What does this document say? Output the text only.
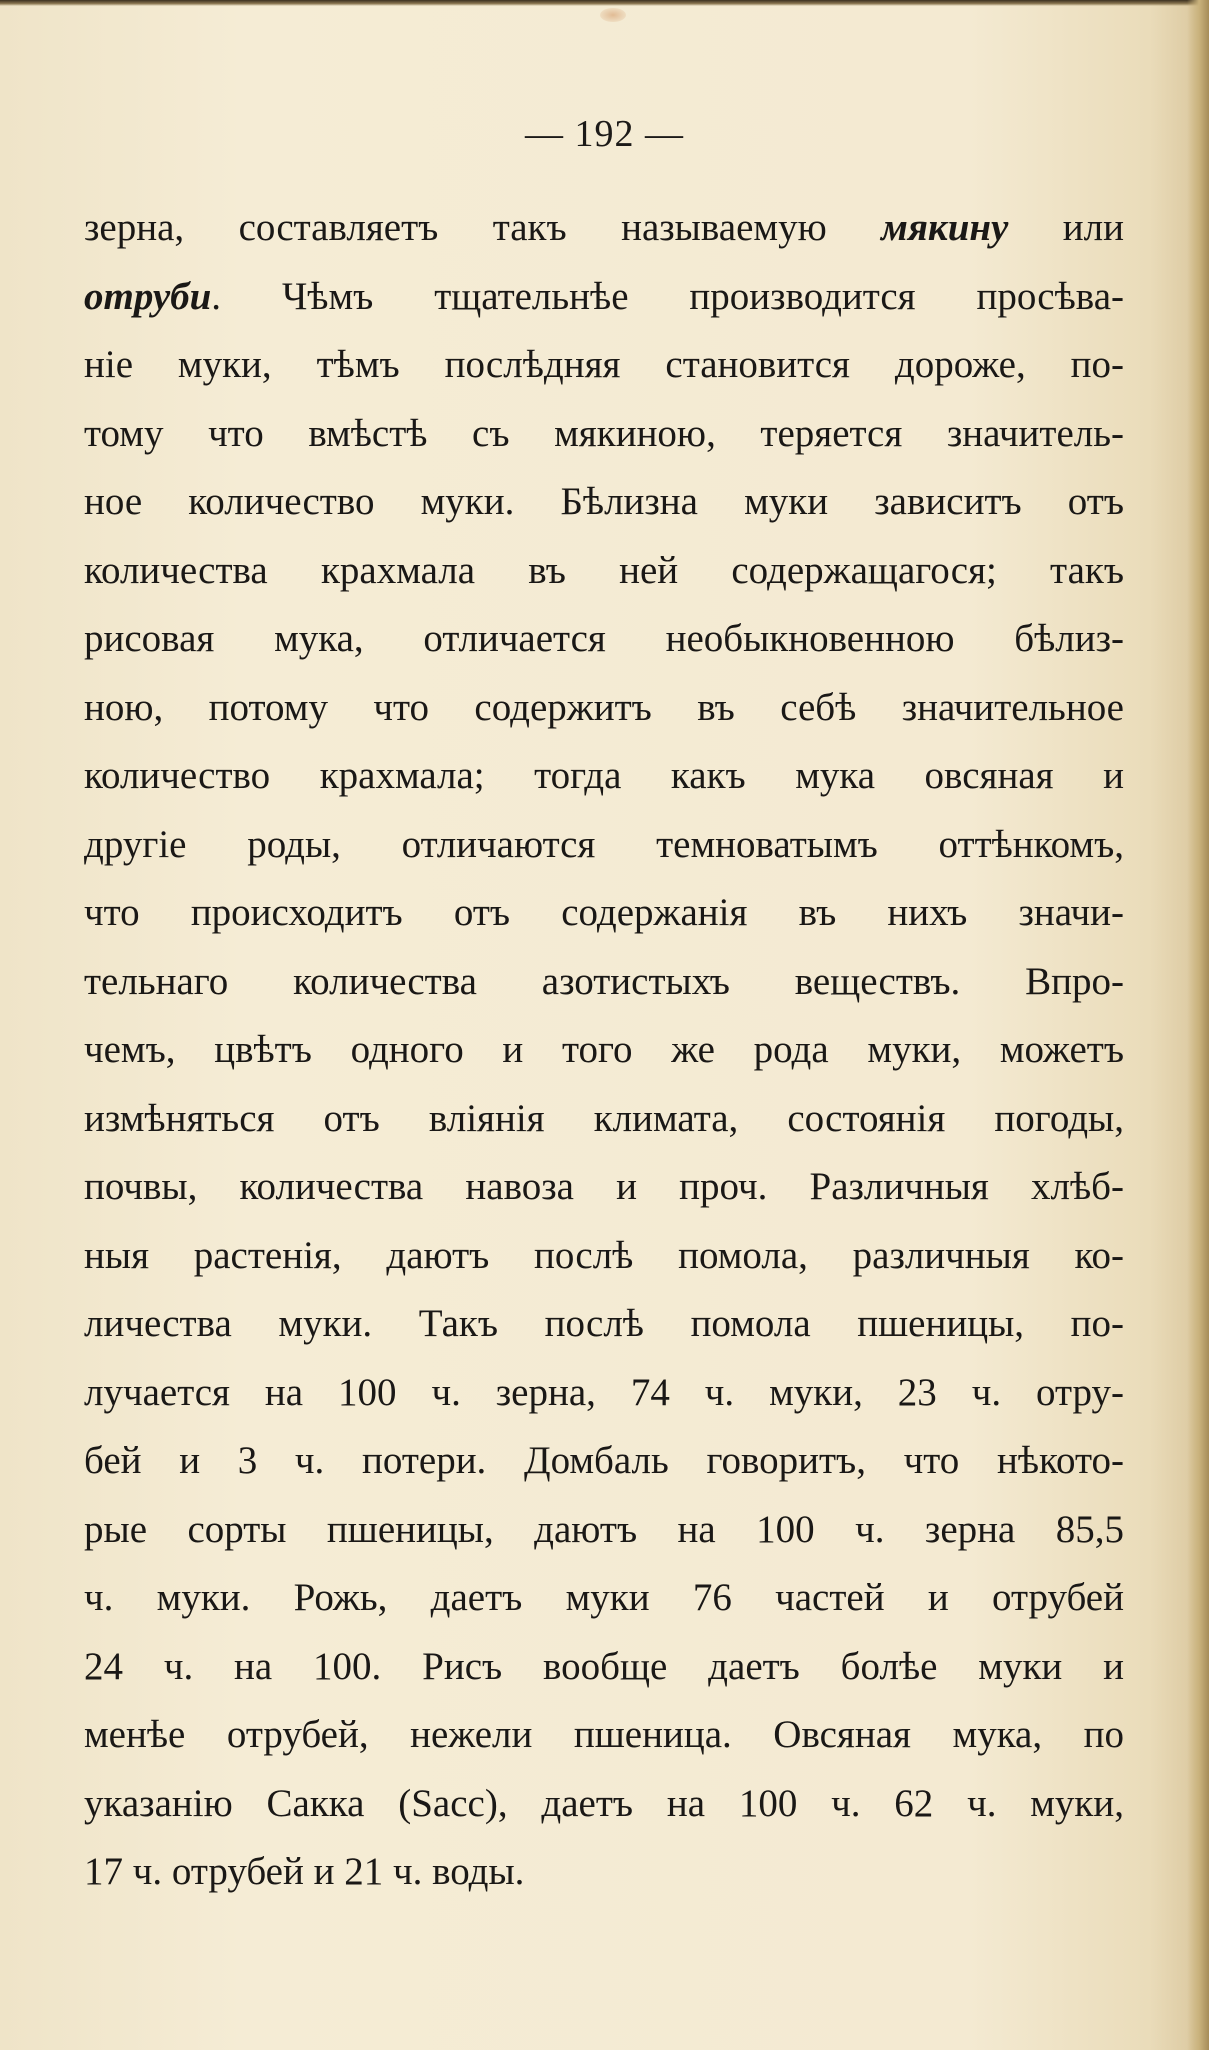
— 192 —
зерна, составляетъ такъ называемую мякину или
отруби. Чѣмъ тщательнѣе производится просѣва-
ніе муки, тѣмъ послѣдняя становится дороже, по-
тому что вмѣстѣ съ мякиною, теряется значитель-
ное количество муки. Бѣлизна муки зависитъ отъ
количества крахмала въ ней содержащагося; такъ
рисовая мука, отличается необыкновенною бѣлиз-
ною, потому что содержитъ въ себѣ значительное
количество крахмала; тогда какъ мука овсяная и
другіе роды, отличаются темноватымъ оттѣнкомъ,
что происходитъ отъ содержанія въ нихъ значи-
тельнаго количества азотистыхъ веществъ. Впро-
чемъ, цвѣтъ одного и того же рода муки, можетъ
измѣняться отъ вліянія климата, состоянія погоды,
почвы, количества навоза и проч. Различныя хлѣб-
ныя растенія, даютъ послѣ помола, различныя ко-
личества муки. Такъ послѣ помола пшеницы, по-
лучается на 100 ч. зерна, 74 ч. муки, 23 ч. отру-
бей и 3 ч. потери. Домбаль говоритъ, что нѣкото-
рые сорты пшеницы, даютъ на 100 ч. зерна 85,5
ч. муки. Рожь, даетъ муки 76 частей и отрубей
24 ч. на 100. Рисъ вообще даетъ болѣе муки и
менѣе отрубей, нежели пшеница. Овсяная мука, по
указанію Сакка (Sacc), даетъ на 100 ч. 62 ч. муки,
17 ч. отрубей и 21 ч. воды.
